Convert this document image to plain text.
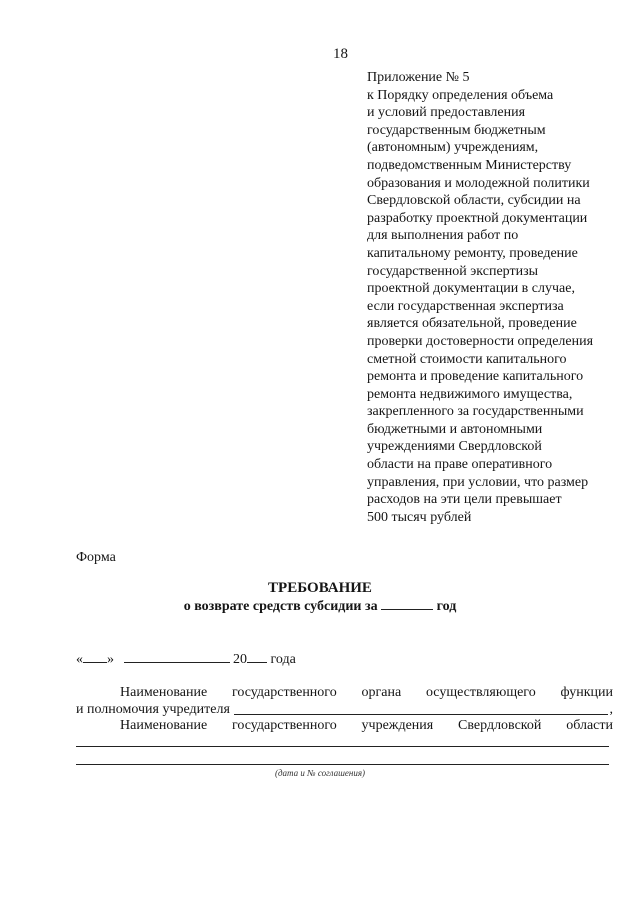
18
Приложение № 5
к Порядку определения объема
и условий предоставления
государственным бюджетным
(автономным) учреждениям,
подведомственным Министерству
образования и молодежной политики
Свердловской области, субсидии на
разработку проектной документации
для выполнения работ по
капитальному ремонту, проведение
государственной экспертизы
проектной документации в случае,
если государственная экспертиза
является обязательной, проведение
проверки достоверности определения
сметной стоимости капитального
ремонта и проведение капитального
ремонта недвижимого имущества,
закрепленного за государственными
бюджетными и автономными
учреждениями Свердловской
области на праве оперативного
управления, при условии, что размер
расходов на эти цели превышает
500 тысяч рублей
Форма
ТРЕБОВАНИЕ
о возврате средств субсидии за	год
« »	20 года
Наименование государственного органа осуществляющего функции
и полномочия учредителя	,
Наименование государственного учреждения Свердловской области
(дата и № соглашения)
